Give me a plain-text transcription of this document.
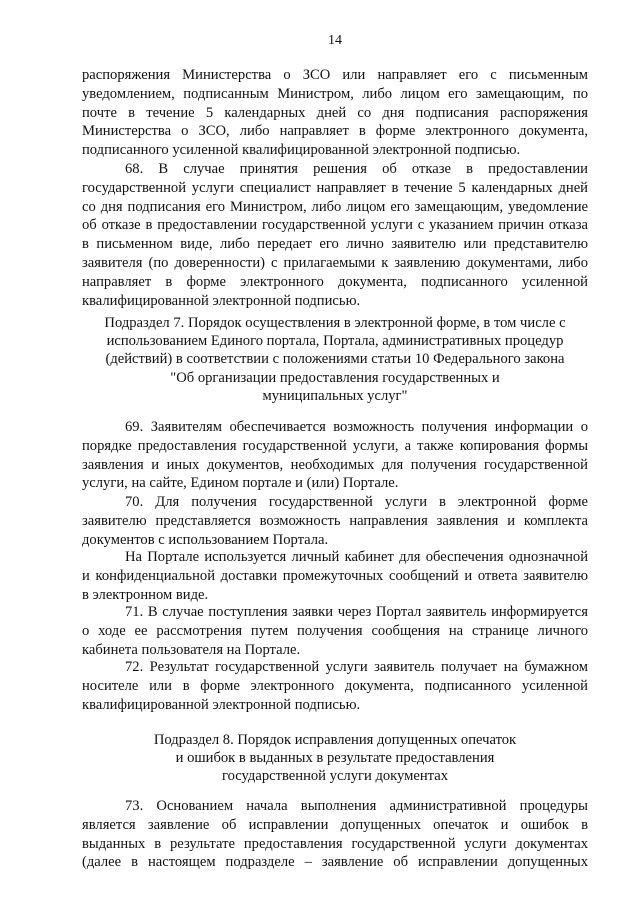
14
распоряжения Министерства о ЗСО или направляет его с письменным
уведомлением, подписанным Министром, либо лицом его замещающим, по
почте в течение 5 календарных дней со дня подписания распоряжения
Министерства о ЗСО, либо направляет в форме электронного документа,
подписанного усиленной квалифицированной электронной подписью.
68. В случае принятия решения об отказе в предоставлении
государственной услуги специалист направляет в течение 5 календарных дней
со дня подписания его Министром, либо лицом его замещающим, уведомление
об отказе в предоставлении государственной услуги с указанием причин отказа
в письменном виде, либо передает его лично заявителю или представителю
заявителя (по доверенности) с прилагаемыми к заявлению документами, либо
направляет в форме электронного документа, подписанного усиленной
квалифицированной электронной подписью.
Подраздел 7. Порядок осуществления в электронной форме, в том числе с
использованием Единого портала, Портала, административных процедур
(действий) в соответствии с положениями статьи 10 Федерального закона
"Об организации предоставления государственных и
муниципальных услуг"
69. Заявителям обеспечивается возможность получения информации о
порядке предоставления государственной услуги, а также копирования формы
заявления и иных документов, необходимых для получения государственной
услуги, на сайте, Едином портале и (или) Портале.
70. Для получения государственной услуги в электронной форме
заявителю представляется возможность направления заявления и комплекта
документов с использованием Портала.
На Портале используется личный кабинет для обеспечения однозначной
и конфиденциальной доставки промежуточных сообщений и ответа заявителю
в электронном виде.
71. В случае поступления заявки через Портал заявитель информируется
о ходе ее рассмотрения путем получения сообщения на странице личного
кабинета пользователя на Портале.
72. Результат государственной услуги заявитель получает на бумажном
носителе или в форме электронного документа, подписанного усиленной
квалифицированной электронной подписью.
Подраздел 8. Порядок исправления допущенных опечаток
и ошибок в выданных в результате предоставления
государственной услуги документах
73. Основанием начала выполнения административной процедуры
является заявление об исправлении допущенных опечаток и ошибок в
выданных в результате предоставления государственной услуги документах
(далее в настоящем подразделе – заявление об исправлении допущенных
